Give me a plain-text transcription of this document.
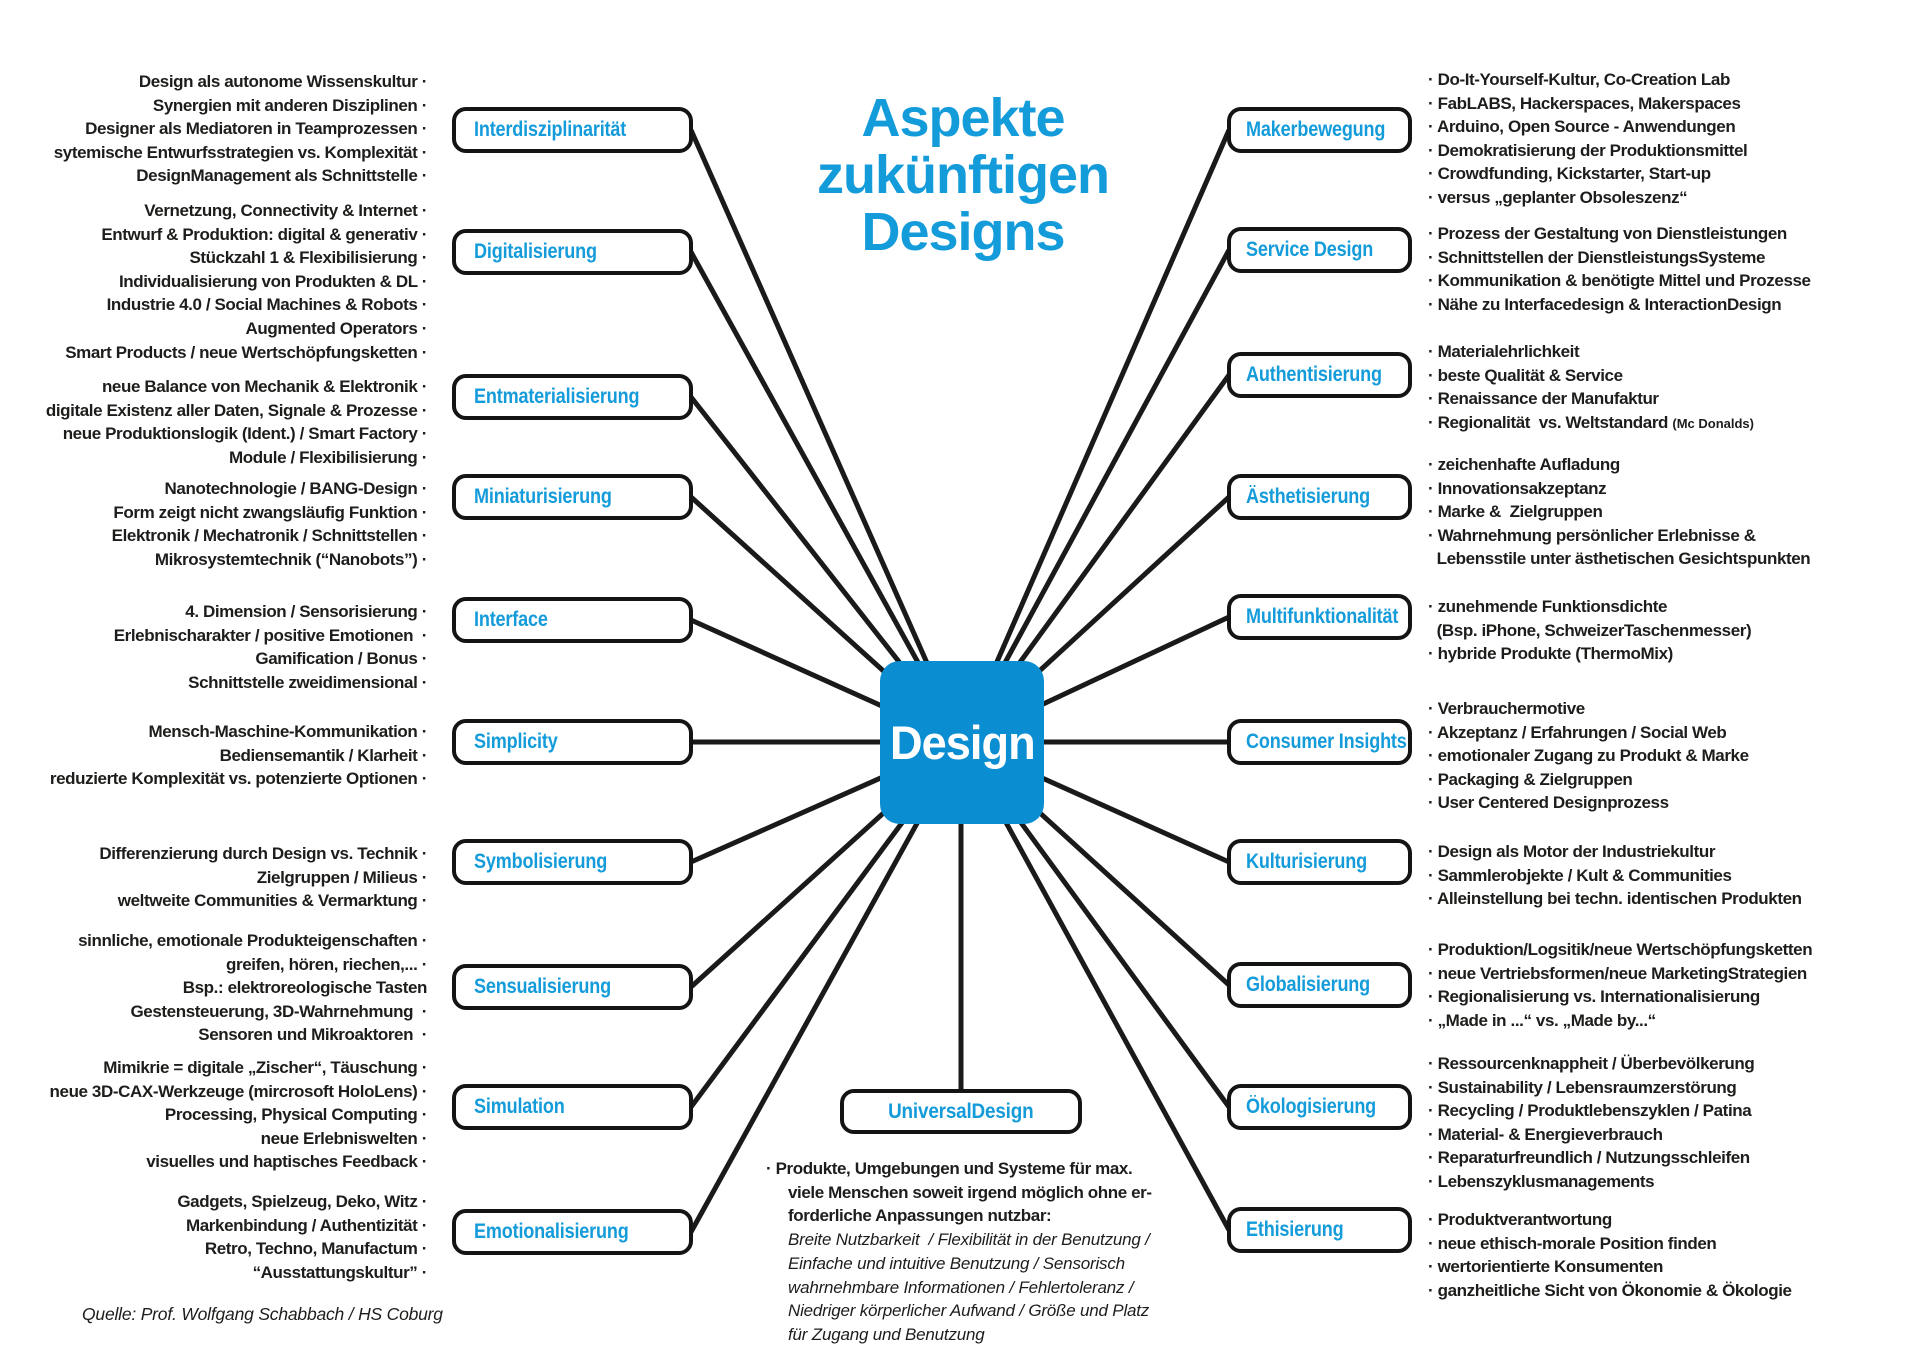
Aspekte
zukünftigen
Designs
Design
Interdisziplinarität
Design als autonome Wissenskultur ·
Synergien mit anderen Disziplinen ·
Designer als Mediatoren in Teamprozessen ·
sytemische Entwurfsstrategien vs. Komplexität ·
DesignManagement als Schnittstelle ·
Digitalisierung
Vernetzung, Connectivity & Internet ·
Entwurf & Produktion: digital & generativ ·
Stückzahl 1 & Flexibilisierung ·
Individualisierung von Produkten & DL ·
Industrie 4.0 / Social Machines & Robots ·
Augmented Operators ·
Smart Products / neue Wertschöpfungsketten ·
Entmaterialisierung
neue Balance von Mechanik & Elektronik ·
digitale Existenz aller Daten, Signale & Prozesse ·
neue Produktionslogik (Ident.) / Smart Factory ·
Module / Flexibilisierung ·
Miniaturisierung
Nanotechnologie / BANG-Design ·
Form zeigt nicht zwangsläufig Funktion ·
Elektronik / Mechatronik / Schnittstellen ·
Mikrosystemtechnik (“Nanobots”) ·
Interface
4. Dimension / Sensorisierung ·
Erlebnischarakter / positive Emotionen  ·
Gamification / Bonus ·
Schnittstelle zweidimensional ·
Simplicity
Mensch-Maschine-Kommunikation ·
Bediensemantik / Klarheit ·
reduzierte Komplexität vs. potenzierte Optionen ·
Symbolisierung
Differenzierung durch Design vs. Technik ·
Zielgruppen / Milieus ·
weltweite Communities & Vermarktung ·
Sensualisierung
sinnliche, emotionale Produkteigenschaften ·
greifen, hören, riechen,... ·
Bsp.: elektroreologische Tasten
Gestensteuerung, 3D-Wahrnehmung  ·
Sensoren und Mikroaktoren  ·
Simulation
Mimikrie = digitale „Zischer“, Täuschung ·
neue 3D-CAX-Werkzeuge (mircrosoft HoloLens) ·
Processing, Physical Computing ·
neue Erlebniswelten ·
visuelles und haptisches Feedback ·
Emotionalisierung
Gadgets, Spielzeug, Deko, Witz ·
Markenbindung / Authentizität ·
Retro, Techno, Manufactum ·
“Ausstattungskultur” ·
Makerbewegung
· Do-It-Yourself-Kultur, Co-Creation Lab
· FabLABS, Hackerspaces, Makerspaces
· Arduino, Open Source - Anwendungen
· Demokratisierung der Produktionsmittel
· Crowdfunding, Kickstarter, Start-up
· versus „geplanter Obsoleszenz“
Service Design
· Prozess der Gestaltung von Dienstleistungen
· Schnittstellen der DienstleistungsSysteme
· Kommunikation & benötigte Mittel und Prozesse
· Nähe zu Interfacedesign & InteractionDesign
Authentisierung
· Materialehrlichkeit
· beste Qualität & Service
· Renaissance der Manufaktur
· Regionalität  vs. Weltstandard (Mc Donalds)
Ästhetisierung
· zeichenhafte Aufladung
· Innovationsakzeptanz
· Marke &  Zielgruppen
· Wahrnehmung persönlicher Erlebnisse &
Lebensstile unter ästhetischen Gesichtspunkten
Multifunktionalität · zunehmende Funktionsdichte
(Bsp. iPhone, SchweizerTaschenmesser)
· hybride Produkte (ThermoMix)
Consumer Insights
· Verbrauchermotive
· Akzeptanz / Erfahrungen / Social Web
· emotionaler Zugang zu Produkt & Marke
· Packaging & Zielgruppen
· User Centered Designprozess
Kulturisierung	· Design als Motor der Industriekultur
· Sammlerobjekte / Kult & Communities
· Alleinstellung bei techn. identischen Produkten
Globalisierung
· Produktion/Logsitik/neue Wertschöpfungsketten
· neue Vertriebsformen/neue MarketingStrategien
· Regionalisierung vs. Internationalisierung
· „Made in ...“ vs. „Made by...“
Ökologisierung
· Ressourcenknappheit / Überbevölkerung
· Sustainability / Lebensraumzerstörung
· Recycling / Produktlebenszyklen / Patina
· Material- & Energieverbrauch
· Reparaturfreundlich / Nutzungsschleifen
· Lebenszyklusmanagements
Ethisierung	· Produktverantwortung
· neue ethisch-morale Position finden
· wertorientierte Konsumenten
· ganzheitliche Sicht von Ökonomie & Ökologie
UniversalDesign
· Produkte, Umgebungen und Systeme für max.
viele Menschen soweit irgend möglich ohne er-
forderliche Anpassungen nutzbar:
Breite Nutzbarkeit  / Flexibilität in der Benutzung /
Einfache und intuitive Benutzung / Sensorisch
wahrnehmbare Informationen / Fehlertoleranz /
Niedriger körperlicher Aufwand / Größe und Platz
für Zugang und Benutzung
Quelle: Prof. Wolfgang Schabbach / HS Coburg
